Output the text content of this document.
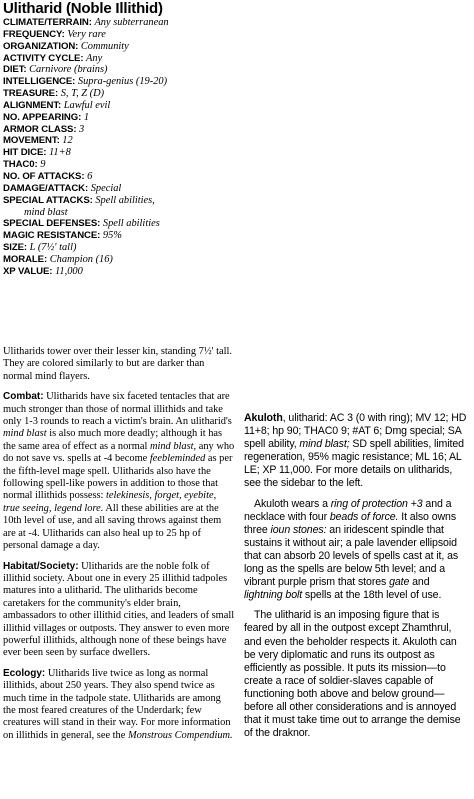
Ulitharid (Noble Illithid)
CLIMATE/TERRAIN: Any subterranean
FREQUENCY: Very rare
ORGANIZATION: Community
ACTIVITY CYCLE: Any
DIET: Carnivore (brains)
INTELLIGENCE: Supra-genius (19-20)
TREASURE: S, T, Z (D)
ALIGNMENT: Lawful evil
NO. APPEARING: 1
ARMOR CLASS: 3
MOVEMENT: 12
HIT DICE: 11+8
THAC0: 9
NO. OF ATTACKS: 6
DAMAGE/ATTACK: Special
SPECIAL ATTACKS: Spell abilities,
mind blast
SPECIAL DEFENSES: Spell abilities
MAGIC RESISTANCE: 95%
SIZE: L (7½' tall)
MORALE: Champion (16)
XP VALUE: 11,000

Ulitharids tower over their lesser kin, standing 7½' tall. They are colored similarly to but are darker than normal mind flayers.

Combat: Ulitharids have six faceted tentacles that are much stronger than those of normal illithids and take only 1-3 rounds to reach a victim's brain. An ulitharid's mind blast is also much more deadly; although it has the same area of effect as a normal mind blast, any who do not save vs. spells at -4 become feebleminded as per the fifth-level mage spell. Ulitharids also have the following spell-like powers in addition to those that normal illithids possess: telekinesis, forget, eyebite, true seeing, legend lore. All these abilities are at the 10th level of use, and all saving throws against them are at -4. Ulitharids can also heal up to 25 hp of personal damage a day.

Habitat/Society: Ulitharids are the noble folk of illithid society. About one in every 25 illithid tadpoles matures into a ulitharid. The ulitharids become caretakers for the community's elder brain, ambassadors to other illithid cities, and leaders of small illithid villages or outposts. They answer to even more powerful illithids, although none of these beings have ever been seen by surface dwellers.

Ecology: Ulitharids live twice as long as normal illithids, about 250 years. They also spend twice as much time in the tadpole state. Ulitharids are among the most feared creatures of the Underdark; few creatures will stand in their way. For more information on illithids in general, see the Monstrous Compendium.

Akuloth, ulitharid: AC 3 (0 with ring); MV 12; HD 11+8; hp 90; THAC0 9; #AT 6; Dmg special; SA spell ability, mind blast; SD spell abilities, limited regeneration, 95% magic resistance; ML 16; AL LE; XP 11,000. For more details on ulitharids, see the sidebar to the left.

Akuloth wears a ring of protection +3 and a necklace with four beads of force. It also owns three ioun stones: an iridescent spindle that sustains it without air; a pale lavender ellipsoid that can absorb 20 levels of spells cast at it, as long as the spells are below 5th level; and a vibrant purple prism that stores gate and lightning bolt spells at the 18th level of use.

The ulitharid is an imposing figure that is feared by all in the outpost except Zhamthrul, and even the beholder respects it. Akuloth can be very diplomatic and runs its outpost as efficiently as possible. It puts its mission—to create a race of soldier-slaves capable of functioning both above and below ground—before all other considerations and is annoyed that it must take time out to arrange the demise of the draknor.
